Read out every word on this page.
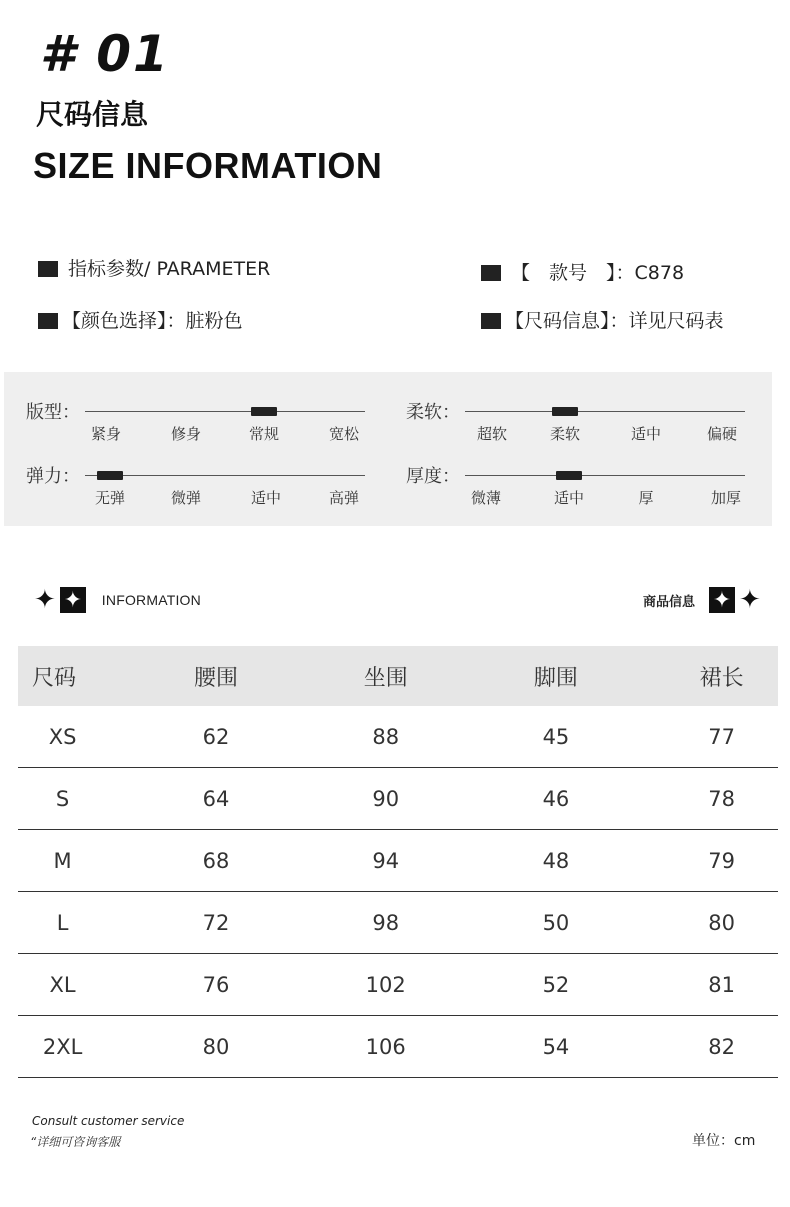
# 01
尺码信息
SIZE INFORMATION
指标参数/ PARAMETER	【　款号　】：C878
【颜色选择】：脏粉色	【尺码信息】：详见尺码表
版型：
紧身	修身	常规	宽松
柔软：
超软	柔软	适中	偏硬
弹力：
无弹	微弹	适中	高弹
厚度：
微薄	适中	厚	加厚
✦ ✦ INFORMATION	商品信息 ✦ ✦
尺码	腰围	坐围	脚围	裙长
XS	62	88	45	77
S	64	90	46	78
M	68	94	48	79
L	72	98	50	80
XL	76	102	52	81
2XL	80	106	54	82
Consult customer service
“详细可咨询客服	单位：cm
